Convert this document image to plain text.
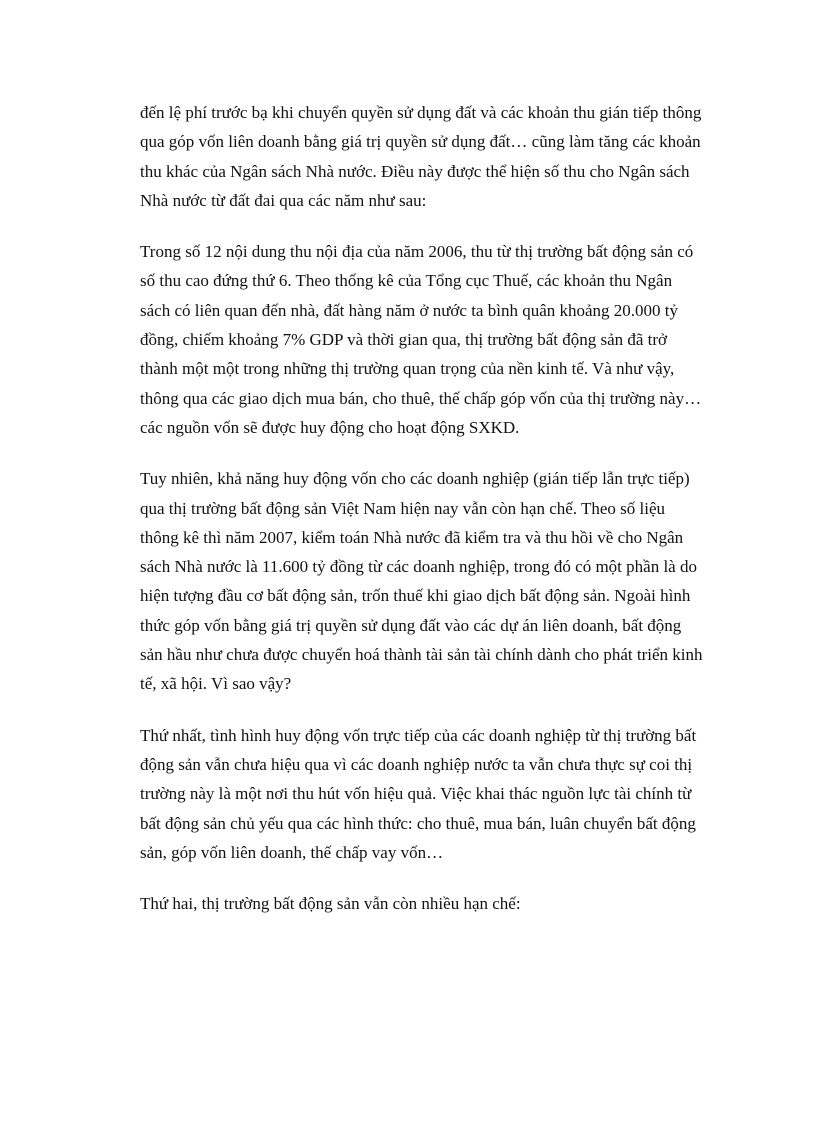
đến lệ phí trước bạ khi chuyển quyền sử dụng đất và các khoản thu gián tiếp thông
qua góp vốn liên doanh bằng giá trị quyền sử dụng đất… cũng làm tăng các khoản
thu khác của Ngân sách Nhà nước. Điều này được thể hiện số thu cho Ngân sách
Nhà nước từ đất đai qua các năm như sau:

Trong số 12 nội dung thu nội địa của năm 2006, thu từ thị trường bất động sản có
số thu cao đứng thứ 6. Theo thống kê của Tổng cục Thuế, các khoản thu Ngân
sách có liên quan đến nhà, đất hàng năm ở nước ta bình quân khoảng 20.000 tỷ
đồng, chiếm khoảng 7% GDP và thời gian qua, thị trường bất động sản đã trở
thành một một trong những thị trường quan trọng của nền kinh tế. Và như vậy,
thông qua các giao dịch mua bán, cho thuê, thế chấp góp vốn của thị trường này…
các nguồn vốn sẽ được huy động cho hoạt động SXKD.

Tuy nhiên, khả năng huy động vốn cho các doanh nghiệp (gián tiếp lẫn trực tiếp)
qua thị trường bất động sản Việt Nam hiện nay vẫn còn hạn chế. Theo số liệu
thông kê thì năm 2007, kiểm toán Nhà nước đã kiểm tra và thu hồi về cho Ngân
sách Nhà nước là 11.600 tỷ đồng từ các doanh nghiệp, trong đó có một phần là do
hiện tượng đầu cơ bất động sản, trốn thuế khi giao dịch bất động sản. Ngoài hình
thức góp vốn bằng giá trị quyền sử dụng đất vào các dự án liên doanh, bất động
sản hầu như chưa được chuyển hoá thành tài sản tài chính dành cho phát triển kinh
tế, xã hội. Vì sao vậy?

Thứ nhất, tình hình huy động vốn trực tiếp của các doanh nghiệp từ thị trường bất
động sản vẫn chưa hiệu qua vì các doanh nghiệp nước ta vẫn chưa thực sự coi thị
trường này là một nơi thu hút vốn hiệu quả. Việc khai thác nguồn lực tài chính từ
bất động sản chủ yếu qua các hình thức: cho thuê, mua bán, luân chuyển bất động
sản, góp vốn liên doanh, thế chấp vay vốn…

Thứ hai, thị trường bất động sản vẫn còn nhiều hạn chế:
